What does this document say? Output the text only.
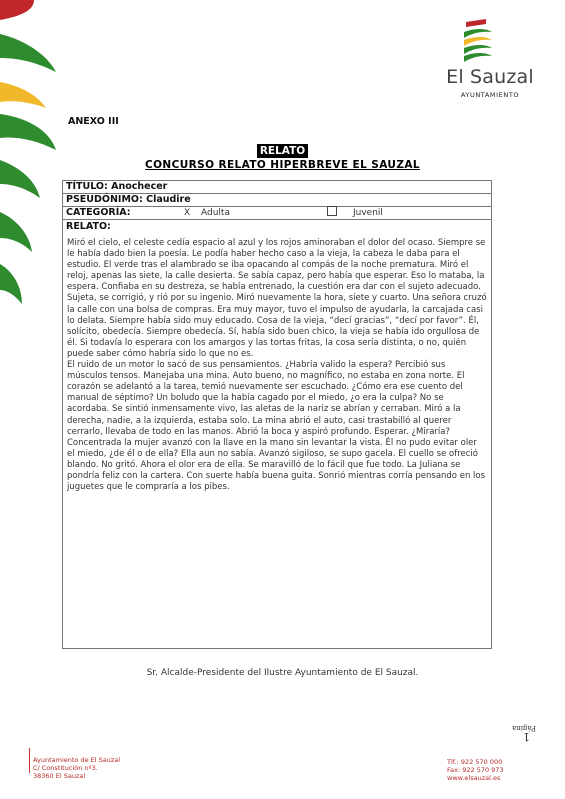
El Sauzal
AYUNTAMIENTO
ANEXO III
RELATO
CONCURSO RELATO HIPERBREVE EL SAUZAL
TÍTULO: Anochecer
PSEUDÓNIMO: Claudire
CATEGORÍA:	X Adulta	Juvenil
RELATO:

Miró el cielo, el celeste cedía espacio al azul y los rojos aminoraban el dolor del ocaso. Siempre se le había dado bien la poesía. Le podía haber hecho caso a la vieja, la cabeza le daba para el estudio. El verde tras el alambrado se iba opacando al compás de la noche prematura. Miró el reloj, apenas las siete, la calle desierta. Se sabía capaz, pero había que esperar. Eso lo mataba, la espera. Confiaba en su destreza, se había entrenado, la cuestión era dar con el sujeto adecuado. Sujeta, se corrigió, y rió por su ingenio. Miró nuevamente la hora, siete y cuarto. Una señora cruzó la calle con una bolsa de compras. Era muy mayor, tuvo el impulso de ayudarla, la carcajada casi lo delata. Siempre había sido muy educado. Cosa de la vieja, “decí gracias”, “decí por favor”. Él, solícito, obedecía. Siempre obedecía. Sí, había sido buen chico, la vieja se había ido orgullosa de él. Si todavía lo esperara con los amargos y las tortas fritas, la cosa sería distinta, o no, quién puede saber cómo habría sido lo que no es.

El ruido de un motor lo sacó de sus pensamientos. ¿Habría valido la espera? Percibió sus músculos tensos. Manejaba una mina. Auto bueno, no magnífico, no estaba en zona norte. El corazón se adelantó a la tarea, temió nuevamente ser escuchado. ¿Cómo era ese cuento del manual de séptimo? Un boludo que la había cagado por el miedo, ¿o era la culpa? No se acordaba. Se sintió inmensamente vivo, las aletas de la nariz se abrían y cerraban. Miró a la derecha, nadie, a la izquierda, estaba solo. La mina abrió el auto, casi trastabilló al querer cerrarlo, llevaba de todo en las manos. Abrió la boca y aspiró profundo. Esperar. ¿Miraría? Concentrada la mujer avanzó con la llave en la mano sin levantar la vista. Él no pudo evitar oler el miedo, ¿de él o de ella? Ella aun no sabía. Avanzó sigiloso, se supo gacela. El cuello se ofreció blando. No gritó. Ahora el olor era de ella. Se maravilló de lo fácil que fue todo. La Juliana se pondría feliz con la cartera. Con suerte había buena guita. Sonrió mientras corría pensando en los juguetes que le compraría a los pibes.

Sr. Alcalde-Presidente del Ilustre Ayuntamiento de El Sauzal.
Página
1
Ayuntamiento de El Sauzal
C/ Constitución nº3.
38360 El Sauzal
Tlf.: 922 570 000
Fax: 922 570 973
www.elsauzal.es
